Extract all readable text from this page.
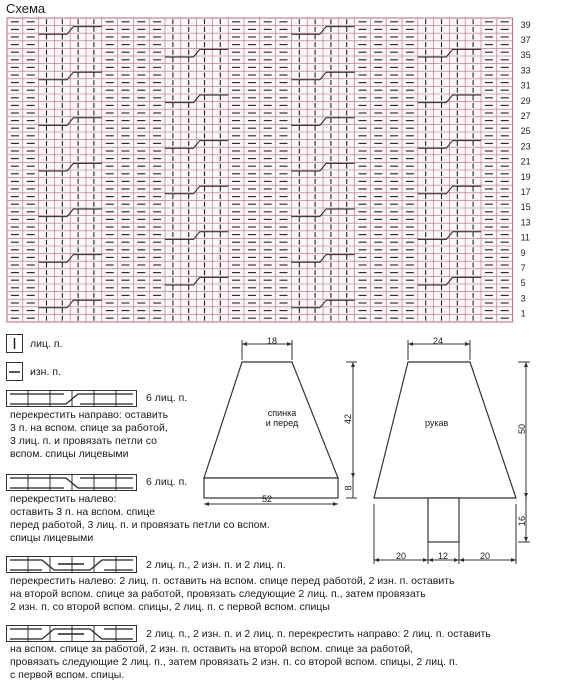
Схема
39
37
35
33
31
29
27
25
23
21
19
17
15
13
11
9
7
5
3
1
лиц. п.
изн. п.
6 лиц. п.
перекрестить направо: оставить
3 п. на вспом. спице за работой,
3 лиц. п. и провязать петли со
вспом. спицы лицевыми
6 лиц. п.
перекрестить налево:
оставить 3 п. на вспом. спице
перед работой, 3 лиц. п. и провязать петли со вспом.
спицы лицевыми
2 лиц. п., 2 изн. п. и 2 лиц. п.
перекрестить налево: 2 лиц. п. оставить на вспом. спице перед работой, 2 изн. п. оставить
на второй вспом. спице за работой, провязать следующие 2 лиц. п., затем провязать
2 изн. п. со второй вспом. спицы, 2 лиц. п. с первой вспом. спицы
2 лиц. п., 2 изн. п. и 2 лиц. п. перекрестить направо: 2 лиц. п. оставить
на вспом. спице за работой, 2 изн. п. оставить на второй вспом. спице за работой,
провязать следующие 2 лиц. п., затем провязать 2 изн. п. со второй вспом. спицы, 2 лиц. п.
с первой вспом. спицы.
18
спинка
и перед
52
42
8
24
рукав
50
16
20	12	20
